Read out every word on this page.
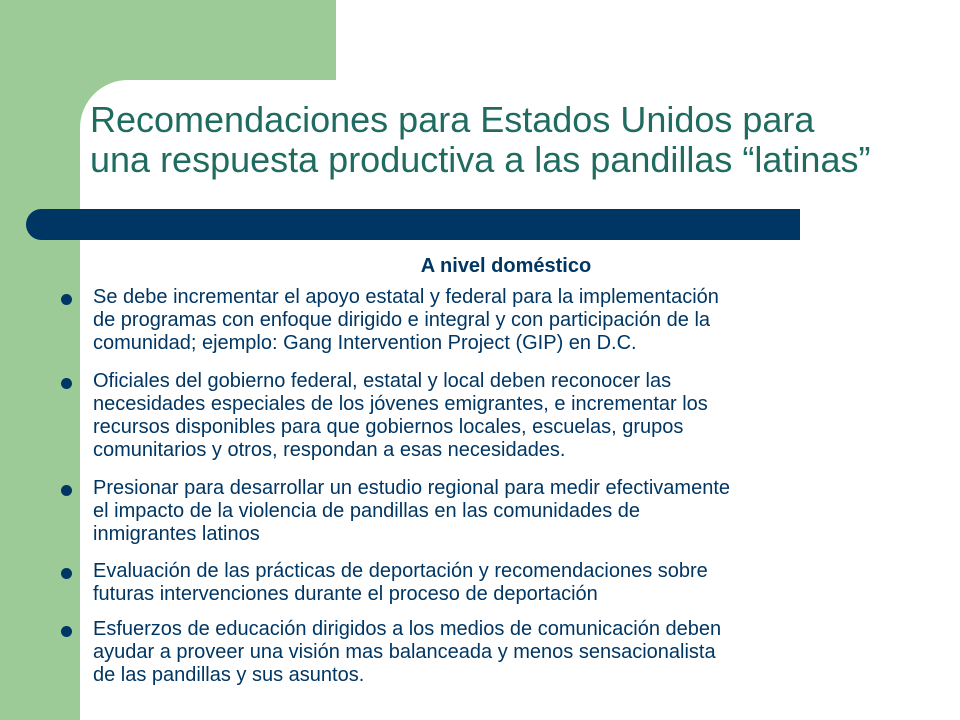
Recomendaciones para Estados Unidos para
una respuesta productiva a las pandillas “latinas”
A nivel doméstico
Se debe incrementar el apoyo estatal y federal para la implementación
de programas con enfoque dirigido e integral y con participación de la
comunidad; ejemplo: Gang Intervention Project (GIP) en D.C.
Oficiales del gobierno federal, estatal y local deben reconocer las
necesidades especiales de los jóvenes emigrantes, e incrementar los
recursos disponibles para que gobiernos locales, escuelas, grupos
comunitarios y otros, respondan a esas necesidades.
Presionar para desarrollar un estudio regional para medir efectivamente
el impacto de la violencia de pandillas en las comunidades de
inmigrantes latinos
Evaluación de las prácticas de deportación y recomendaciones sobre
futuras intervenciones durante el proceso de deportación
Esfuerzos de educación dirigidos a los medios de comunicación deben
ayudar a proveer una visión mas balanceada y menos sensacionalista
de las pandillas y sus asuntos.
